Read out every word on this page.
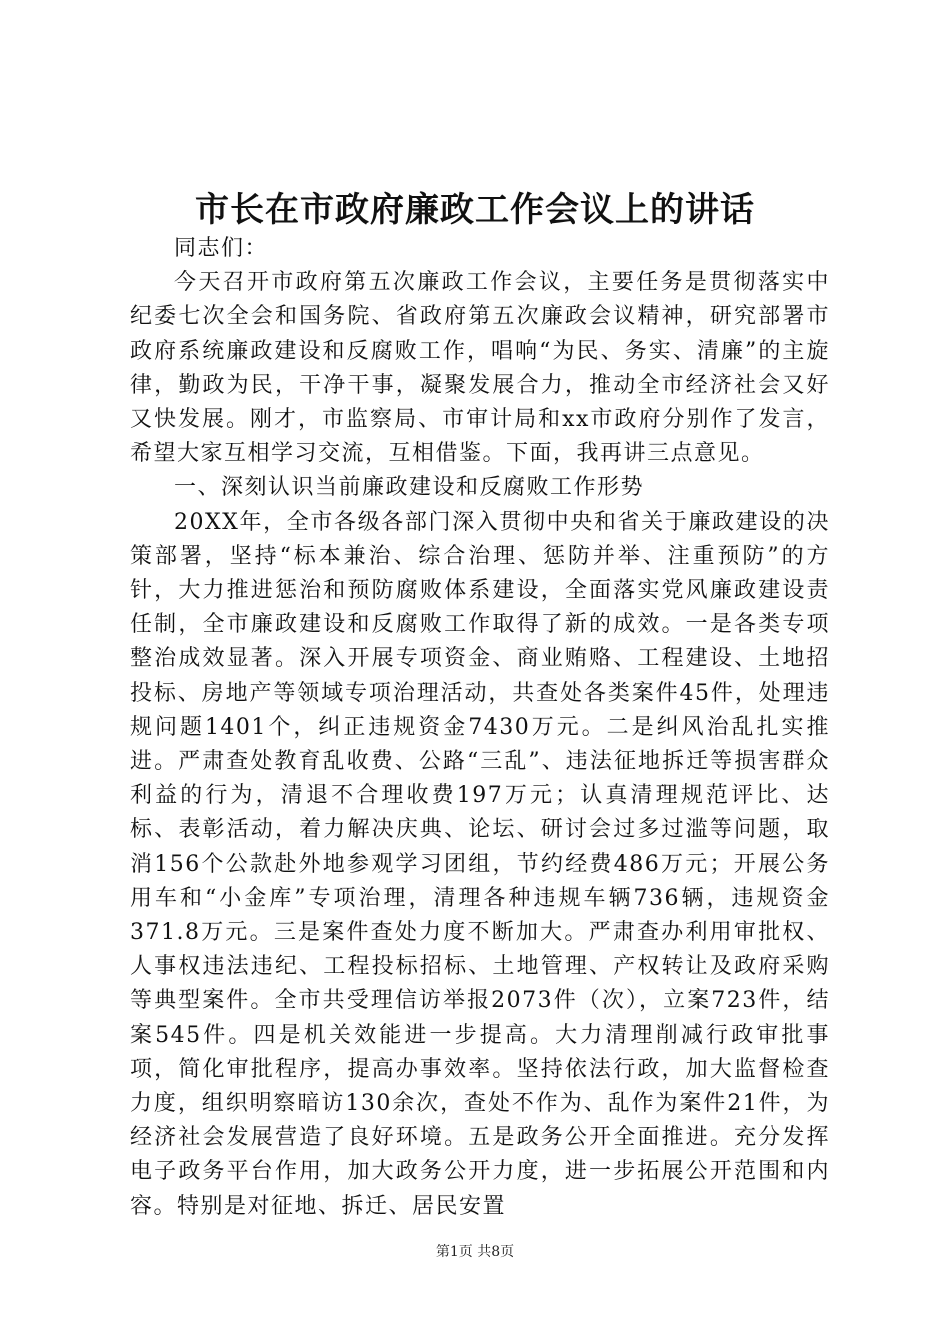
市长在市政府廉政工作会议上的讲话

同志们：

今天召开市政府第五次廉政工作会议，主要任务是贯彻落实中纪委七次全会和国务院、省政府第五次廉政会议精神，研究部署市政府系统廉政建设和反腐败工作，唱响“为民、务实、清廉”的主旋律，勤政为民，干净干事，凝聚发展合力，推动全市经济社会又好又快发展。刚才，市监察局、市审计局和xx市政府分别作了发言，希望大家互相学习交流，互相借鉴。下面，我再讲三点意见。

一、深刻认识当前廉政建设和反腐败工作形势

20XX年，全市各级各部门深入贯彻中央和省关于廉政建设的决策部署，坚持“标本兼治、综合治理、惩防并举、注重预防”的方针，大力推进惩治和预防腐败体系建设，全面落实党风廉政建设责任制，全市廉政建设和反腐败工作取得了新的成效。一是各类专项整治成效显著。深入开展专项资金、商业贿赂、工程建设、土地招投标、房地产等领域专项治理活动，共查处各类案件45件，处理违规问题1401个，纠正违规资金7430万元。二是纠风治乱扎实推进。严肃查处教育乱收费、公路“三乱”、违法征地拆迁等损害群众利益的行为，清退不合理收费197万元；认真清理规范评比、达标、表彰活动，着力解决庆典、论坛、研讨会过多过滥等问题，取消156个公款赴外地参观学习团组，节约经费486万元；开展公务用车和“小金库”专项治理，清理各种违规车辆736辆，违规资金371.8万元。三是案件查处力度不断加大。严肃查办利用审批权、人事权违法违纪、工程投标招标、土地管理、产权转让及政府采购等典型案件。全市共受理信访举报2073件（次），立案723件，结案545件。四是机关效能进一步提高。大力清理削减行政审批事项，简化审批程序，提高办事效率。坚持依法行政，加大监督检查力度，组织明察暗访130余次，查处不作为、乱作为案件21件，为经济社会发展营造了良好环境。五是政务公开全面推进。充分发挥电子政务平台作用，加大政务公开力度，进一步拓展公开范围和内容。特别是对征地、拆迁、居民安置

第1页 共8页
